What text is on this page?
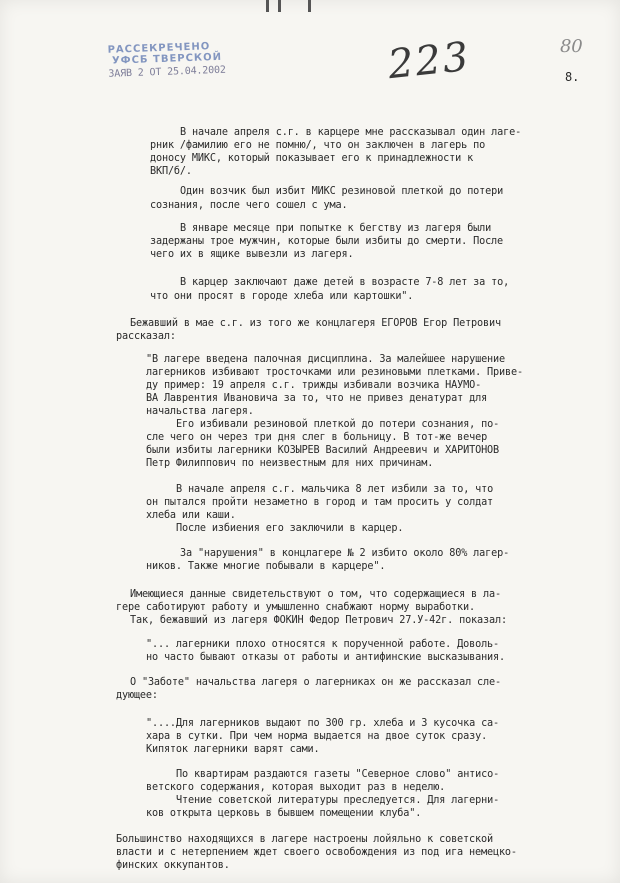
РАССЕКРЕЧЕНО
УФСБ ТВЕРСКОЙ
ЗАЯВ 2 ОТ 25.04.2002	223	80
8.
В начале апреля с.г. в карцере мне рассказывал один лаге-
рник /фамилию его не помню/, что он заключен в лагерь по
доносу МИКС, который показывает его к принадлежности к
ВКП/б/.
Один возчик был избит МИКС резиновой плеткой до потери
сознания, после чего сошел с ума.
В январе месяце при попытке к бегству из лагеря были
задержаны трое мужчин, которые были избиты до смерти. После
чего их в ящике вывезли из лагеря.
В карцер заключают даже детей в возрасте 7-8 лет за то,
что они просят в городе хлеба или картошки".
Бежавший в мае с.г. из того же концлагеря ЕГОРОВ Егор Петрович
рассказал:
"В лагере введена палочная дисциплина. За малейшее нарушение
лагерников избивают тросточками или резиновыми плетками. Приве-
ду пример: 19 апреля с.г. трижды избивали возчика НАУМО-
ВА Лаврентия Ивановича за то, что не привез денатурат для
начальства лагеря.
Его избивали резиновой плеткой до потери сознания, по-
сле чего он через три дня слег в больницу. В тот-же вечер
были избиты лагерники КОЗЫРЕВ Василий Андреевич и ХАРИТОНОВ
Петр Филиппович по неизвестным для них причинам.
В начале апреля с.г. мальчика 8 лет избили за то, что
он пытался пройти незаметно в город и там просить у солдат
хлеба или каши.
После избиения его заключили в карцер.
За "нарушения" в концлагере № 2 избито около 80% лагер-
ников. Также многие побывали в карцере".
Имеющиеся данные свидетельствуют о том, что содержащиеся в ла-
гере саботируют работу и умышленно снабжают норму выработки.
Так, бежавший из лагеря ФОКИН Федор Петрович 27.У-42г. показал:
"... лагерники плохо относятся к порученной работе. Доволь-
но часто бывают отказы от работы и антифинские высказывания.
О "Заботе" начальства лагеря о лагерниках он же рассказал сле-
дующее:
"....Для лагерников выдают по 300 гр. хлеба и 3 кусочка са-
хара в сутки. При чем норма выдается на двое суток сразу.
Кипяток лагерники варят сами.
По квартирам раздаются газеты "Северное слово" антисо-
ветского содержания, которая выходит раз в неделю.
Чтение советской литературы преследуется. Для лагерни-
ков открыта церковь в бывшем помещении клуба".
Большинство находящихся в лагере настроены лойяльно к советской
власти и с нетерпением ждет своего освобождения из под ига немецко-
финских оккупантов.
